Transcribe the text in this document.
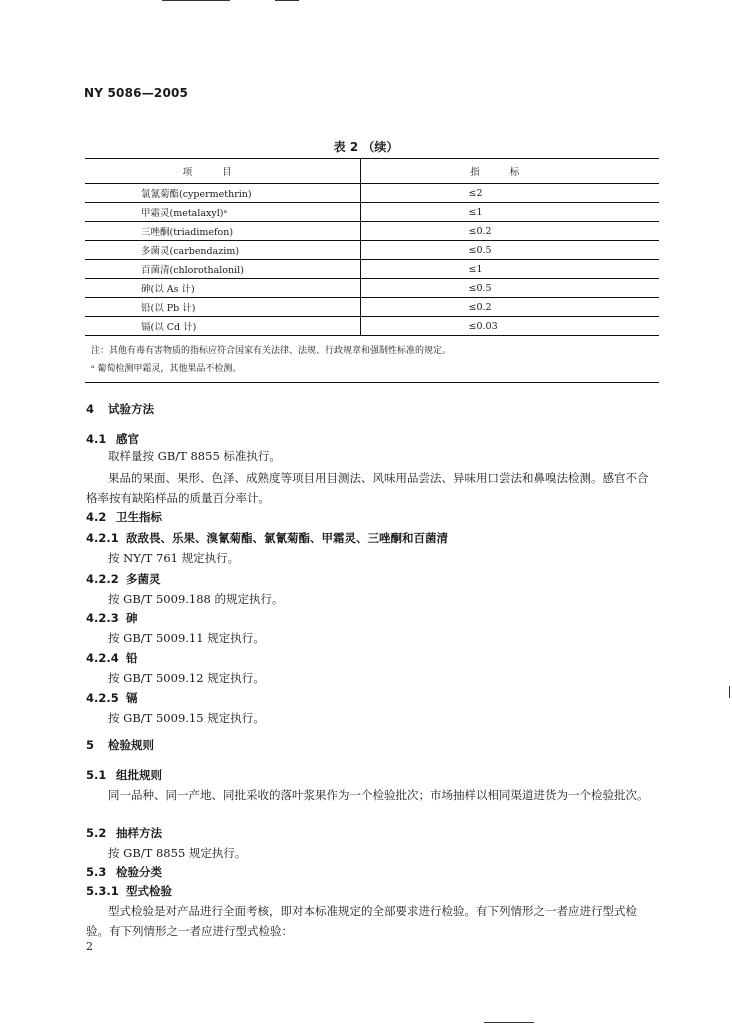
NY 5086—2005
表 2 （续）
项目	指标
氯氰菊酯(cypermethrin)	≤2
甲霜灵(metalaxyl)ᵃ	≤1
三唑酮(triadimefon)	≤0.2
多菌灵(carbendazim)	≤0.5
百菌清(chlorothalonil)	≤1
砷(以 As 计)	≤0.5
铅(以 Pb 计)	≤0.2
镉(以 Cd 计)	≤0.03
注：其他有毒有害物质的指标应符合国家有关法律、法规、行政规章和强制性标准的规定。
ᵃ 葡萄检测甲霜灵，其他果品不检测。
4 试验方法
4.1 感官
取样量按 GB/T 8855 标准执行。
果品的果面、果形、色泽、成熟度等项目用目测法、风味用品尝法、异味用口尝法和鼻嗅法检测。感官不合格率按有缺陷样品的质量百分率计。
4.2 卫生指标
4.2.1 敌敌畏、乐果、溴氰菊酯、氯氰菊酯、甲霜灵、三唑酮和百菌清
按 NY/T 761 规定执行。
4.2.2 多菌灵
按 GB/T 5009.188 的规定执行。
4.2.3 砷
按 GB/T 5009.11 规定执行。
4.2.4 铅
按 GB/T 5009.12 规定执行。
4.2.5 镉
按 GB/T 5009.15 规定执行。
5 检验规则
5.1 组批规则
同一品种、同一产地、同批采收的落叶浆果作为一个检验批次；市场抽样以相同渠道进货为一个检验批次。
5.2 抽样方法
按 GB/T 8855 规定执行。
5.3 检验分类
5.3.1 型式检验
型式检验是对产品进行全面考核，即对本标准规定的全部要求进行检验。有下列情形之一者应进行型式检验。有下列情形之一者应进行型式检验：
2
